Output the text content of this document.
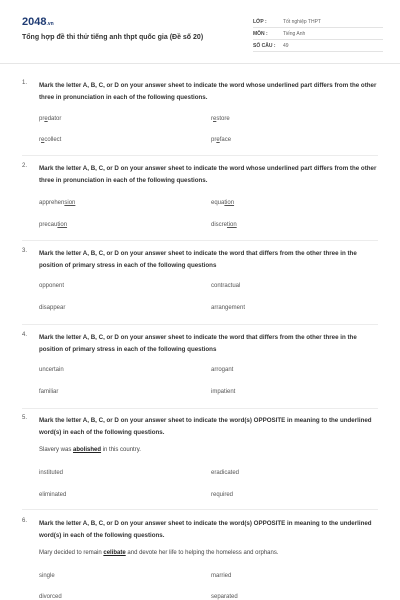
2048.vn
Tổng hợp đề thi thử tiếng anh thpt quốc gia (Đề số 20)
LỚP :	Tốt nghiệp THPT
MÔN :	Tiếng Anh
SỐ CÂU :	49
1. Mark the letter A, B, C, or D on your answer sheet to indicate the word whose underlined part differs from the other three in pronunciation in each of the following questions.
predator	restore
recollect	preface
2. Mark the letter A, B, C, or D on your answer sheet to indicate the word whose underlined part differs from the other three in pronunciation in each of the following questions.
apprehension	equation
precaution	discretion
3. Mark the letter A, B, C, or D on your answer sheet to indicate the word that differs from the other three in the position of primary stress in each of the following questions
opponent	contractual
disappear	arrangement
4. Mark the letter A, B, C, or D on your answer sheet to indicate the word that differs from the other three in the position of primary stress in each of the following questions
uncertain	arrogant
familiar	impatient
5. Mark the letter A, B, C, or D on your answer sheet to indicate the word(s) OPPOSITE in meaning to the underlined word(s) in each of the following questions.
Slavery was abolished in this country.
instituted	eradicated
eliminated	required
6. Mark the letter A, B, C, or D on your answer sheet to indicate the word(s) OPPOSITE in meaning to the underlined word(s) in each of the following questions.
Mary decided to remain celibate and devote her life to helping the homeless and orphans.
single	married
divorced	separated
